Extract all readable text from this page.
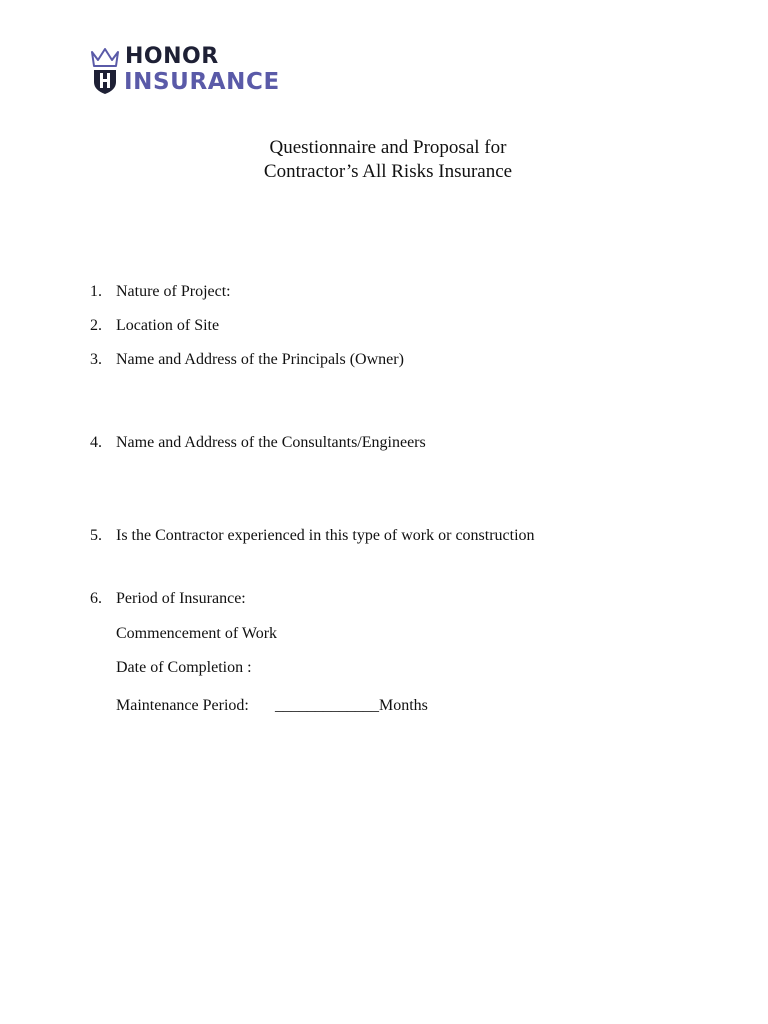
HONOR
INSURANCE
Questionnaire and Proposal for
Contractor’s All Risks Insurance
1. Nature of Project:
2. Location of Site
3. Name and Address of the Principals (Owner)
4. Name and Address of the Consultants/Engineers
5. Is the Contractor experienced in this type of work or construction
6. Period of Insurance:
Commencement of Work
Date of Completion :
Maintenance Period: _____________Months
